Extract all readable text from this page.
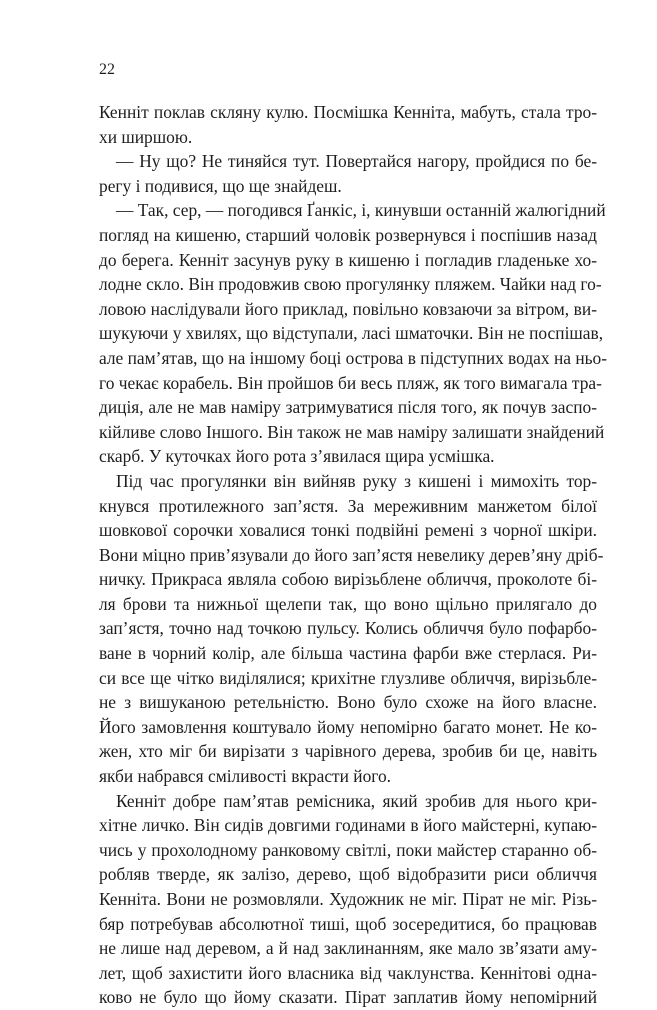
22
Кенніт поклав скляну кулю. Посмішка Кенніта, мабуть, стала тро-
хи ширшою.
— Ну що? Не тиняйся тут. Повертайся нагору, пройдися по бе-
регу і подивися, що ще знайдеш.
— Так, сер, — погодився Ґанкіс, і, кинувши останній жалюгідний
погляд на кишеню, старший чоловік розвернувся і поспішив назад
до берега. Кенніт засунув руку в кишеню і погладив гладеньке хо-
лодне скло. Він продовжив свою прогулянку пляжем. Чайки над го-
ловою наслідували його приклад, повільно ковзаючи за вітром, ви-
шукуючи у хвилях, що відступали, ласі шматочки. Він не поспішав,
але пам’ятав, що на іншому боці острова в підступних водах на ньо-
го чекає корабель. Він пройшов би весь пляж, як того вимагала тра-
диція, але не мав наміру затримуватися після того, як почув заспо-
кійливе слово Іншого. Він також не мав наміру залишати знайдений
скарб. У куточках його рота з’явилася щира усмішка.
Під час прогулянки він вийняв руку з кишені і мимохіть тор-
кнувся протилежного зап’ястя. За мереживним манжетом білої
шовкової сорочки ховалися тонкі подвійні ремені з чорної шкіри.
Вони міцно прив’язували до його зап’ястя невелику дерев’яну дріб-
ничку. Прикраса являла собою вирізьблене обличчя, проколоте бі-
ля брови та нижньої щелепи так, що воно щільно прилягало до
зап’ястя, точно над точкою пульсу. Колись обличчя було пофарбо-
ване в чорний колір, але більша частина фарби вже стерлася. Ри-
си все ще чітко виділялися; крихітне глузливе обличчя, вирізьбле-
не з вишуканою ретельністю. Воно було схоже на його власне.
Його замовлення коштувало йому непомірно багато монет. Не ко-
жен, хто міг би вирізати з чарівного дерева, зробив би це, навіть
якби набрався сміливості вкрасти його.
Кенніт добре пам’ятав ремісника, який зробив для нього кри-
хітне личко. Він сидів довгими годинами в його майстерні, купаю-
чись у прохолодному ранковому світлі, поки майстер старанно об-
робляв тверде, як залізо, дерево, щоб відобразити риси обличчя
Кенніта. Вони не розмовляли. Художник не міг. Пірат не міг. Різь-
бяр потребував абсолютної тиші, щоб зосередитися, бо працював
не лише над деревом, а й над заклинанням, яке мало зв’язати аму-
лет, щоб захистити його власника від чаклунства. Кеннітові одна-
ково не було що йому сказати. Пірат заплатив йому непомірний
